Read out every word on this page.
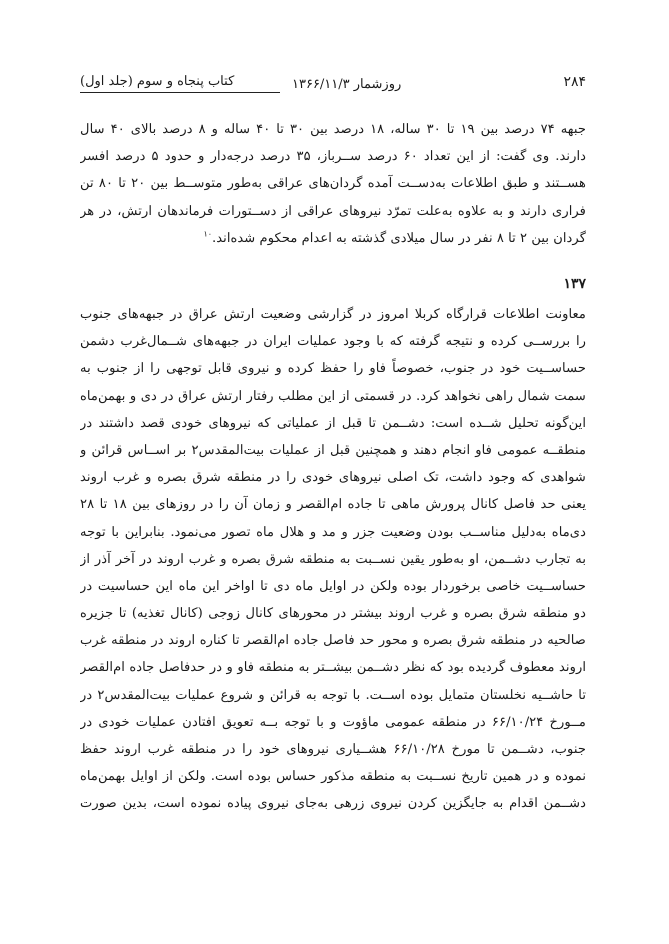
۲۸۴
روزشمار ۱۳۶۶/۱۱/۳
کتاب پنجاه و سوم (جلد اول)
جبهه ۷۴ درصد بین ۱۹ تا ۳۰ ساله، ۱۸ درصد بین ۳۰ تا ۴۰ ساله و ۸ درصد بالای ۴۰ سال
دارند. وی گفت: از این تعداد ۶۰ درصد ســرباز، ۳۵ درصد درجه‌دار و حدود ۵ درصد افسر
هســتند و طبق اطلاعات به‌دســت آمده گردان‌های عراقی به‌طور متوســط بین ۲۰ تا ۸۰ تن
فراری دارند و به علاوه به‌علت تمرّد نیروهای عراقی از دســتورات فرماندهان ارتش، در هر
گردان بین ۲ تا ۸ نفر در سال میلادی گذشته به اعدام محکوم شده‌اند.$^{۱۰}$
۱۳۷
معاونت اطلاعات قرارگاه کربلا امروز در گزارشی وضعیت ارتش عراق در جبهه‌های جنوب
را بررســی کرده و نتیجه گرفته که با وجود عملیات ایران در جبهه‌های شــمال‌غرب دشمن
حساســیت خود در جنوب، خصوصاً فاو را حفظ کرده و نیروی قابل توجهی را از جنوب به
سمت شمال راهی نخواهد کرد. در قسمتی از این مطلب رفتار ارتش عراق در دی و بهمن‌ماه
این‌گونه تحلیل شــده است: دشــمن تا قبل از عملیاتی که نیروهای خودی قصد داشتند در
منطقــه عمومی فاو انجام دهند و همچنین قبل از عملیات بیت‌المقدس۲ بر اســاس قرائن و
شواهدی که وجود داشت، تک اصلی نیروهای خودی را در منطقه شرق بصره و غرب اروند
یعنی حد فاصل کانال پرورش ماهی تا جاده ام‌القصر و زمان آن را در روزهای بین ۱۸ تا ۲۸
دی‌ماه به‌دلیل مناســب بودن وضعیت جزر و مد و هلال ماه تصور می‌نمود. بنابراین با توجه
به تجارب دشــمن، او به‌طور یقین نســبت به منطقه شرق بصره و غرب اروند در آخر آذر از
حساســیت خاصی برخوردار بوده ولکن در اوایل ماه دی تا اواخر این ماه این حساسیت در
دو منطقه شرق بصره و غرب اروند بیشتر در محورهای کانال زوجی (کانال تغذیه) تا جزیره
صالحیه در منطقه شرق بصره و محور حد فاصل جاده ام‌القصر تا کناره اروند در منطقه غرب
اروند معطوف گردیده بود که نظر دشــمن بیشــتر به منطقه فاو و در حدفاصل جاده ام‌القصر
تا حاشــیه نخلستان متمایل بوده اســت. با توجه به قرائن و شروع عملیات بیت‌المقدس۲ در
مــورخ ۶۶/۱۰/۲۴ در منطقه عمومی ماؤوت و با توجه بــه تعویق افتادن عملیات خودی در
جنوب، دشــمن تا مورخ ۶۶/۱۰/۲۸ هشــیاری نیروهای خود را در منطقه غرب اروند حفظ
نموده و در همین تاریخ نســبت به منطقه مذکور حساس بوده است. ولکن از اوایل بهمن‌ماه
دشــمن اقدام به جایگزین کردن نیروی زرهی به‌جای نیروی پیاده نموده است، بدین صورت
